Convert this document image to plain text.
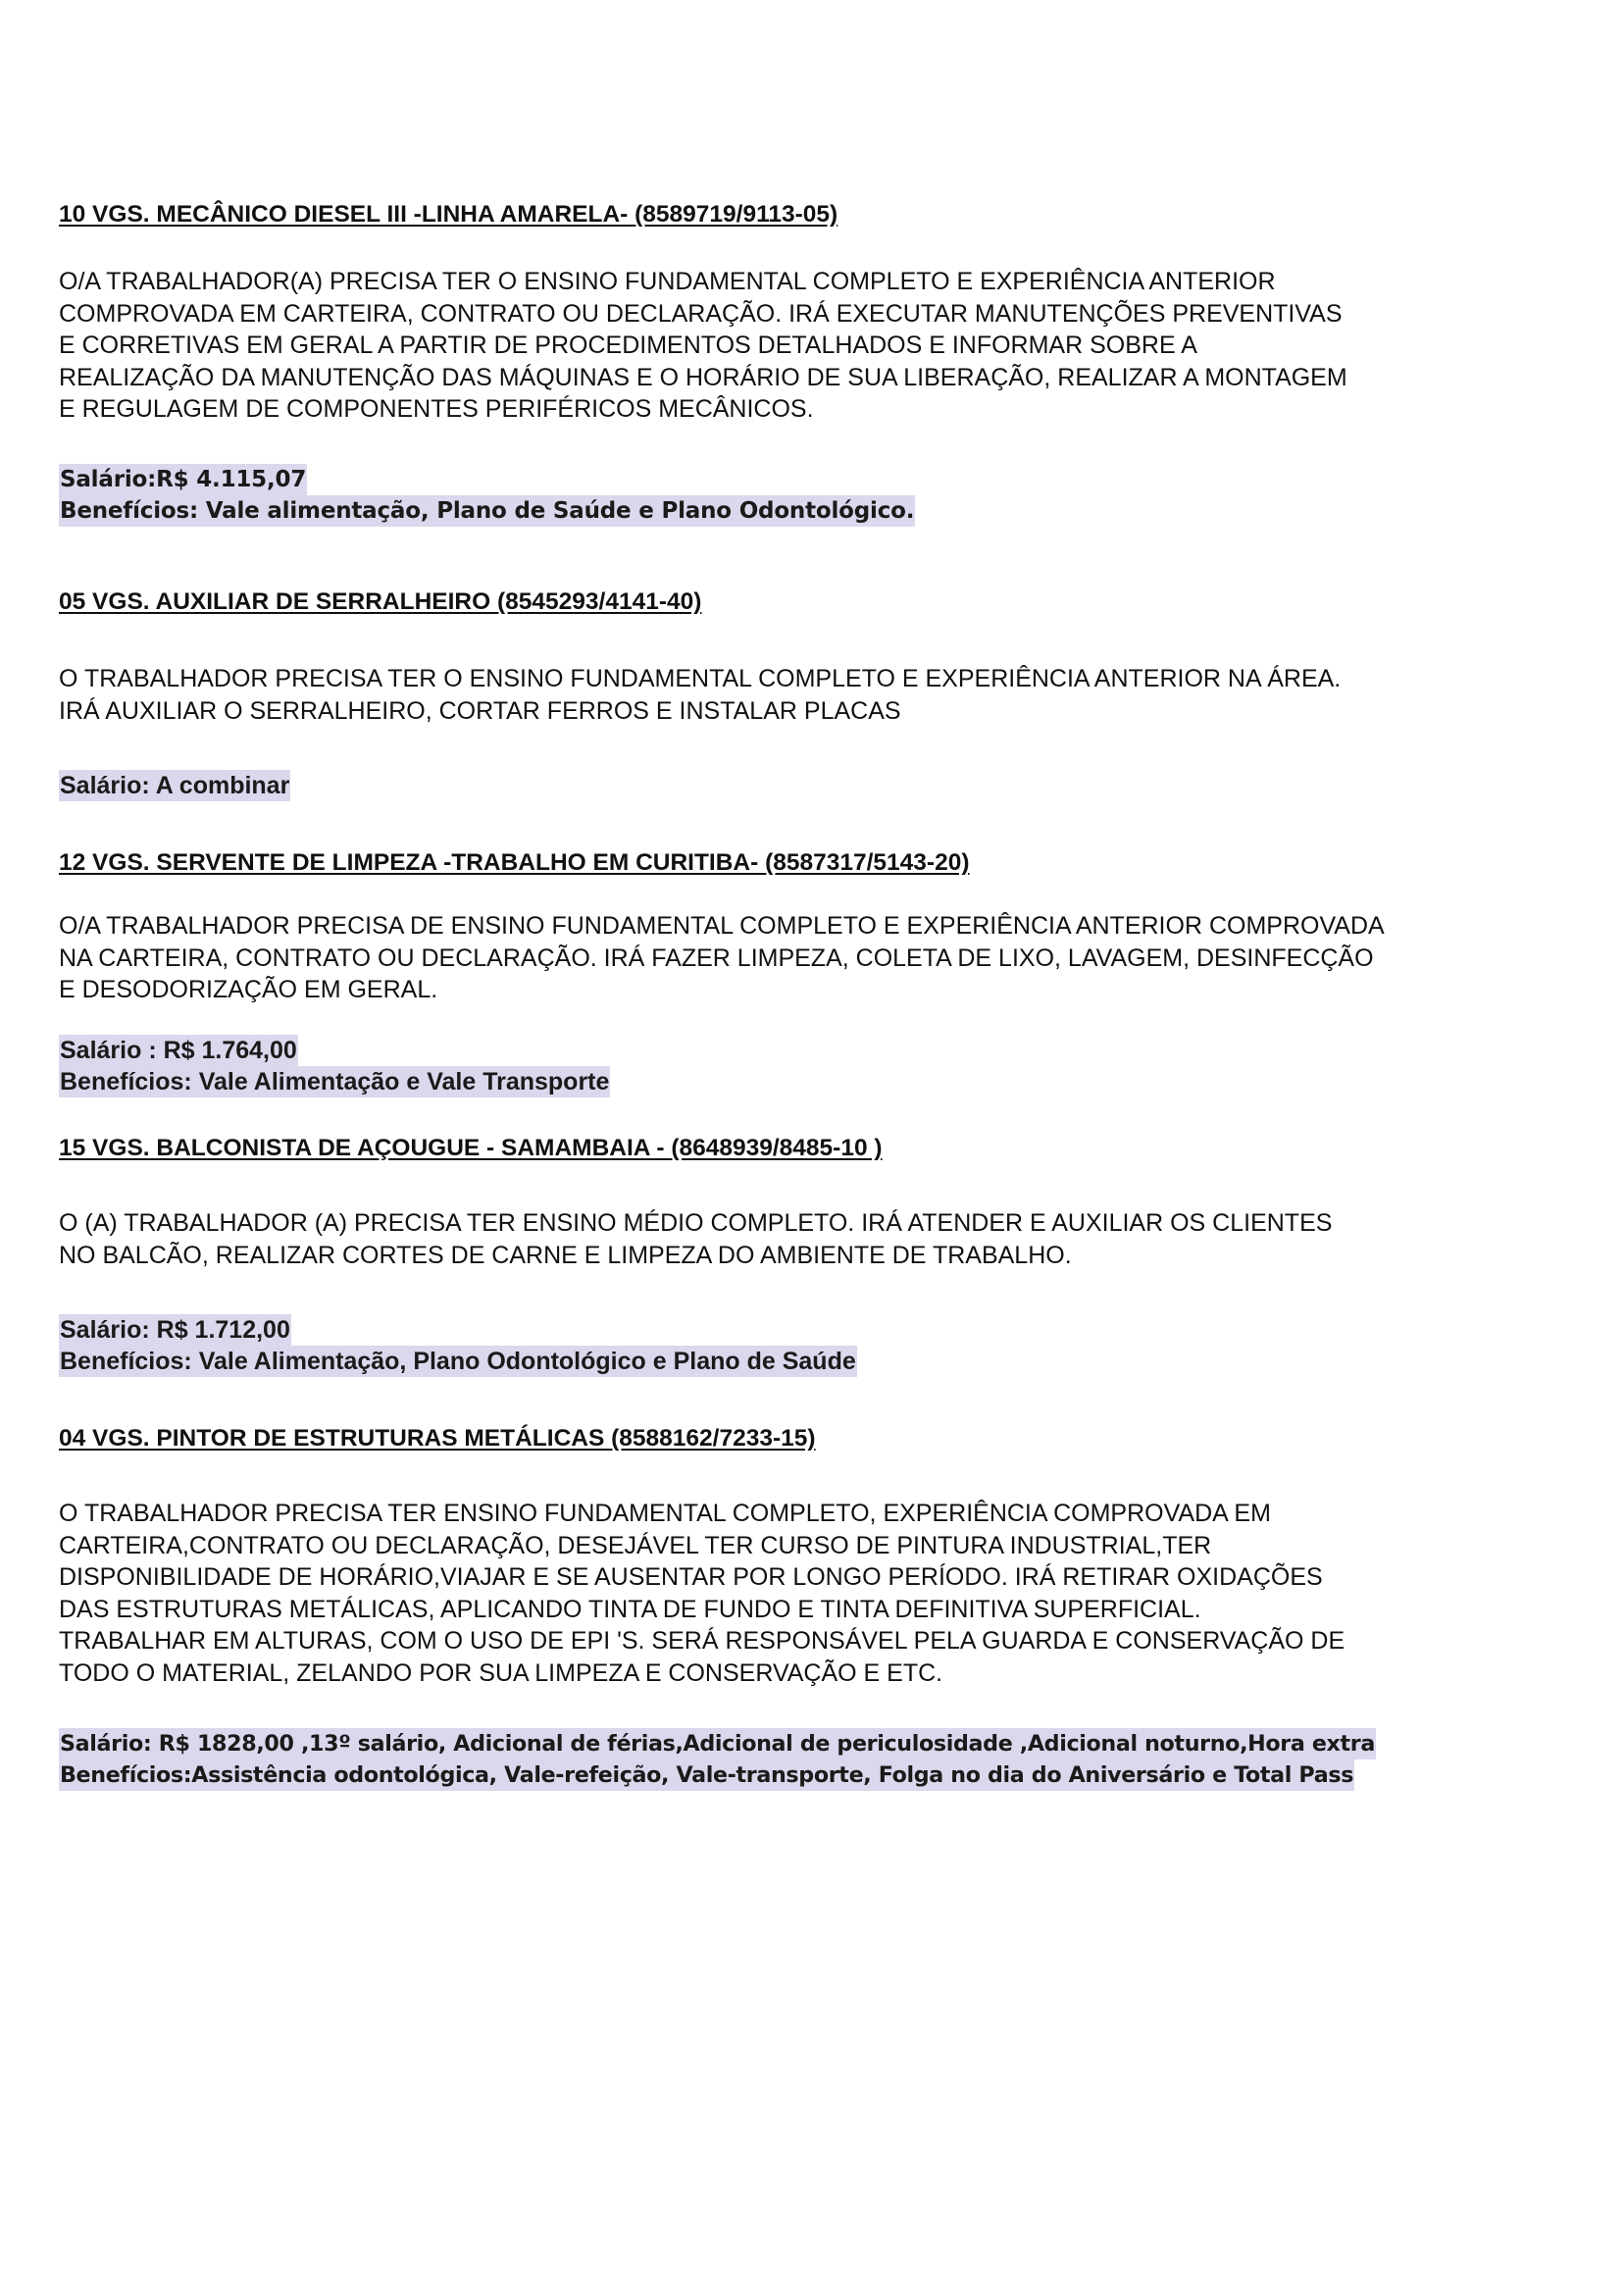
10 VGS. MECÂNICO DIESEL III -LINHA AMARELA- (8589719/9113-05)

O/A TRABALHADOR(A) PRECISA TER O ENSINO FUNDAMENTAL COMPLETO E EXPERIÊNCIA ANTERIOR
COMPROVADA EM CARTEIRA, CONTRATO OU DECLARAÇÃO. IRÁ EXECUTAR MANUTENÇÕES PREVENTIVAS
E CORRETIVAS EM GERAL A PARTIR DE PROCEDIMENTOS DETALHADOS E INFORMAR SOBRE A
REALIZAÇÃO DA MANUTENÇÃO DAS MÁQUINAS E O HORÁRIO DE SUA LIBERAÇÃO, REALIZAR A MONTAGEM
E REGULAGEM DE COMPONENTES PERIFÉRICOS MECÂNICOS.
Salário:R$ 4.115,07
Benefícios: Vale alimentação, Plano de Saúde e Plano Odontológico.

05 VGS. AUXILIAR DE SERRALHEIRO (8545293/4141-40)

O TRABALHADOR PRECISA TER O ENSINO FUNDAMENTAL COMPLETO E EXPERIÊNCIA ANTERIOR NA ÁREA.
IRÁ AUXILIAR O SERRALHEIRO, CORTAR FERROS E INSTALAR PLACAS
Salário: A combinar

12 VGS. SERVENTE DE LIMPEZA -TRABALHO EM CURITIBA- (8587317/5143-20)

O/A TRABALHADOR PRECISA DE ENSINO FUNDAMENTAL COMPLETO E EXPERIÊNCIA ANTERIOR COMPROVADA
NA CARTEIRA, CONTRATO OU DECLARAÇÃO. IRÁ FAZER LIMPEZA, COLETA DE LIXO, LAVAGEM, DESINFECÇÃO
E DESODORIZAÇÃO EM GERAL.
Salário : R$ 1.764,00
Benefícios: Vale Alimentação e Vale Transporte

15 VGS. BALCONISTA DE AÇOUGUE - SAMAMBAIA - (8648939/8485-10 )

O (A) TRABALHADOR (A) PRECISA TER ENSINO MÉDIO COMPLETO. IRÁ ATENDER E AUXILIAR OS CLIENTES
NO BALCÃO, REALIZAR CORTES DE CARNE E LIMPEZA DO AMBIENTE DE TRABALHO.
Salário: R$ 1.712,00
Benefícios: Vale Alimentação, Plano Odontológico e Plano de Saúde

04 VGS. PINTOR DE ESTRUTURAS METÁLICAS (8588162/7233-15)

O TRABALHADOR PRECISA TER ENSINO FUNDAMENTAL COMPLETO, EXPERIÊNCIA COMPROVADA EM
CARTEIRA,CONTRATO OU DECLARAÇÃO, DESEJÁVEL TER CURSO DE PINTURA INDUSTRIAL,TER
DISPONIBILIDADE DE HORÁRIO,VIAJAR E SE AUSENTAR POR LONGO PERÍODO. IRÁ RETIRAR OXIDAÇÕES
DAS ESTRUTURAS METÁLICAS, APLICANDO TINTA DE FUNDO E TINTA DEFINITIVA SUPERFICIAL.
TRABALHAR EM ALTURAS, COM O USO DE EPI 'S. SERÁ RESPONSÁVEL PELA GUARDA E CONSERVAÇÃO DE
TODO O MATERIAL, ZELANDO POR SUA LIMPEZA E CONSERVAÇÃO E ETC.
Salário: R$ 1828,00 ,13º salário, Adicional de férias,Adicional de periculosidade ,Adicional noturno,Hora extra
Benefícios:Assistência odontológica, Vale-refeição, Vale-transporte, Folga no dia do Aniversário e Total Pass
